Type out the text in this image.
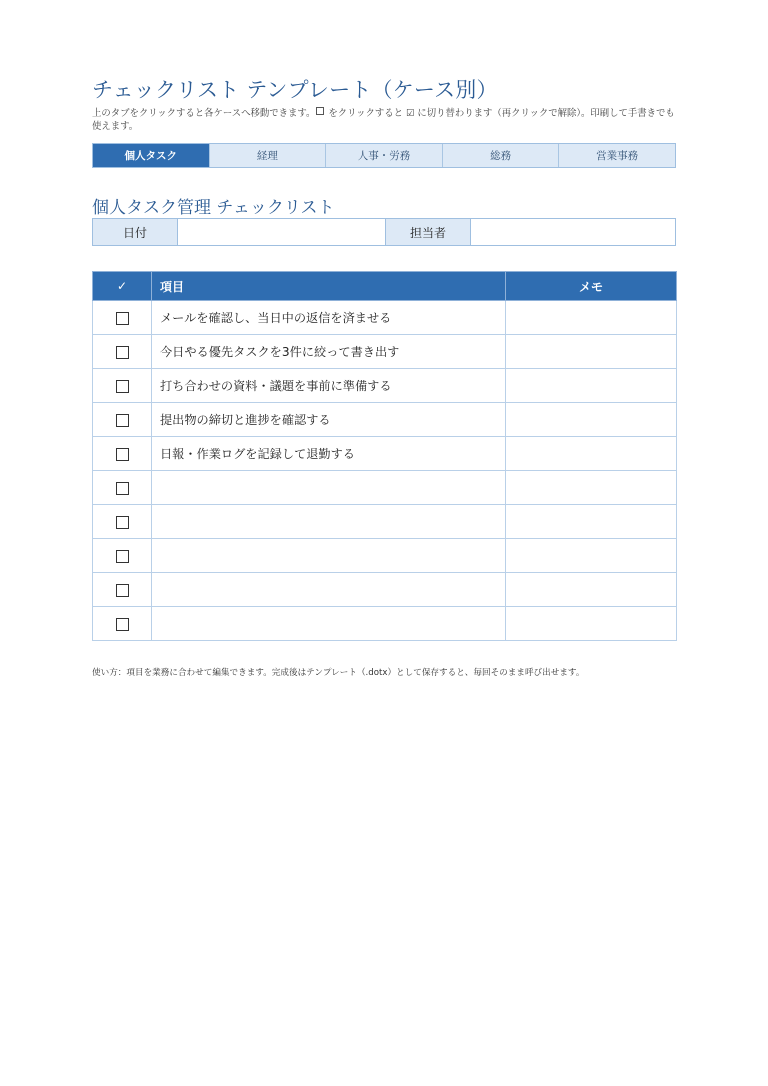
チェックリスト テンプレート（ケース別）
上のタブをクリックすると各ケースへ移動できます。 をクリックすると ☑ に切り替わります（再クリックで解除）。印刷して手書きでも使えます。
個人タスク	経理	人事・労務	総務	営業事務
個人タスク管理 チェックリスト
日付	担当者
✓	項目	メモ
	メールを確認し、当日中の返信を済ませる	
	今日やる優先タスクを3件に絞って書き出す	
	打ち合わせの資料・議題を事前に準備する	
	提出物の締切と進捗を確認する	
	日報・作業ログを記録して退勤する	

使い方：項目を業務に合わせて編集できます。完成後はテンプレート（.dotx）として保存すると、毎回そのまま呼び出せます。
